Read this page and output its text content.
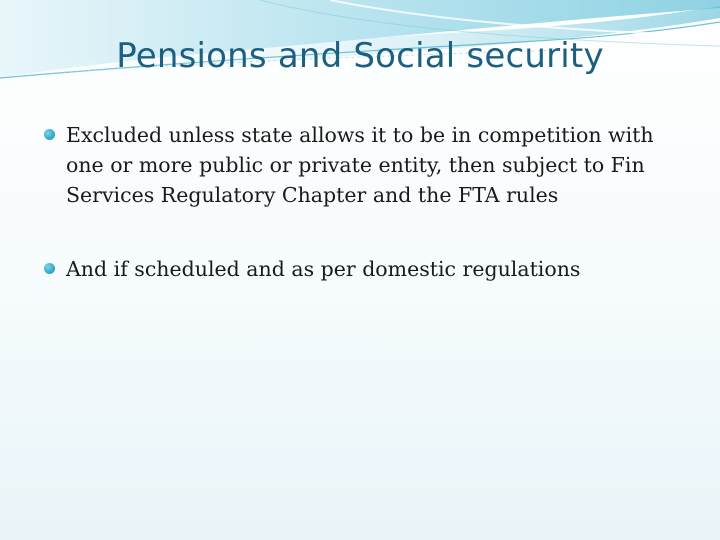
Pensions and Social security
Excluded unless state allows it to be in competition with one or more public or private entity, then subject to Fin Services Regulatory Chapter and the FTA rules
And if scheduled and as per domestic regulations
